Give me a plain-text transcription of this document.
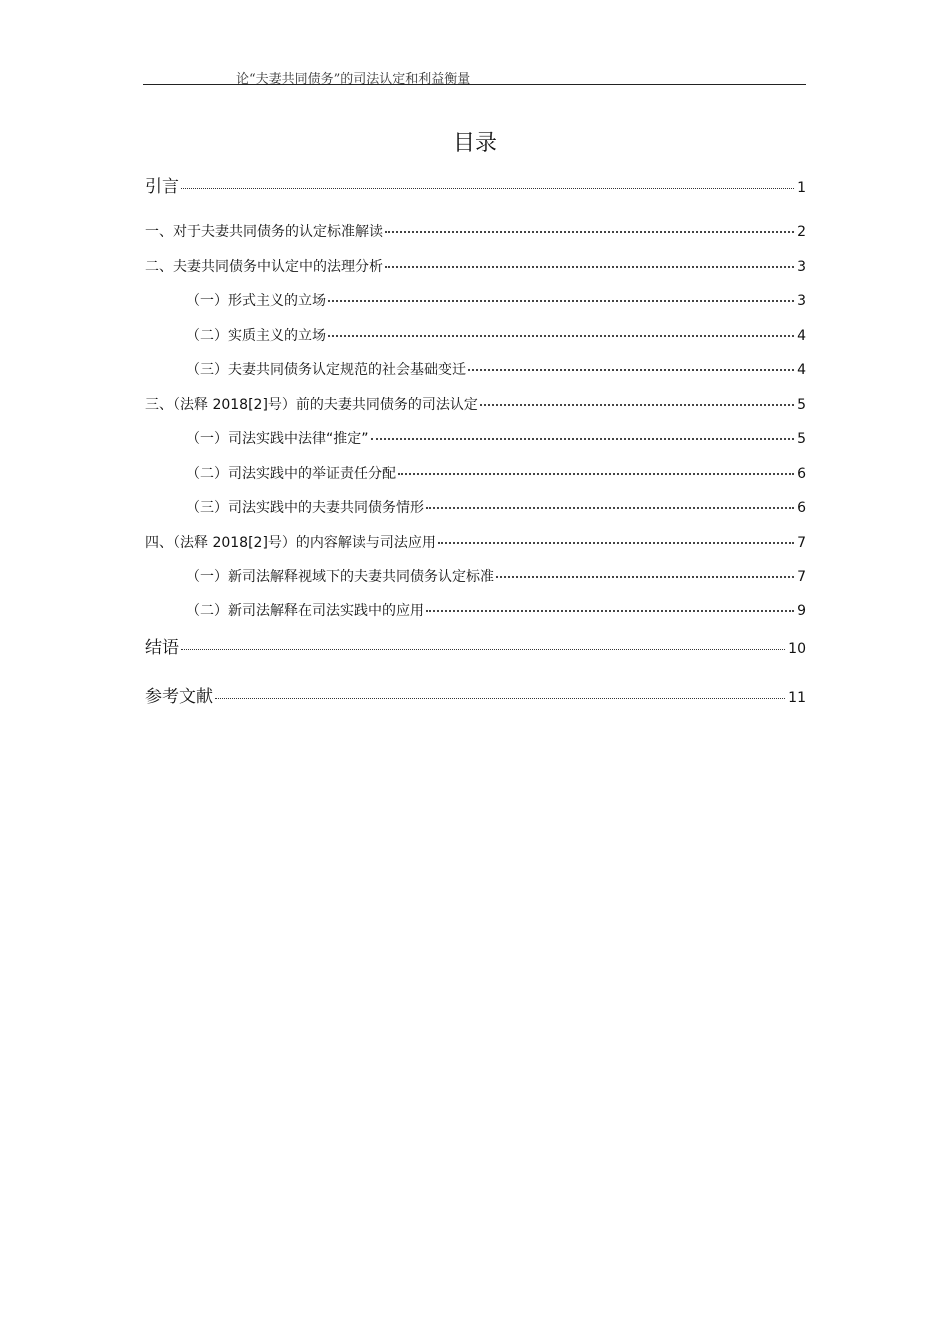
论“夫妻共同债务”的司法认定和利益衡量
目录
引言	1
一、对于夫妻共同债务的认定标准解读	2
二、夫妻共同债务中认定中的法理分析	3
（一）形式主义的立场	3
（二）实质主义的立场	4
（三）夫妻共同债务认定规范的社会基础变迁	4
三、（法释 2018[2]号）前的夫妻共同债务的司法认定	5
（一）司法实践中法律“推定”	5
（二）司法实践中的举证责任分配	6
（三）司法实践中的夫妻共同债务情形	6
四、（法释 2018[2]号）的内容解读与司法应用	7
（一）新司法解释视域下的夫妻共同债务认定标准	7
（二）新司法解释在司法实践中的应用	9
结语	10
参考文献	11
